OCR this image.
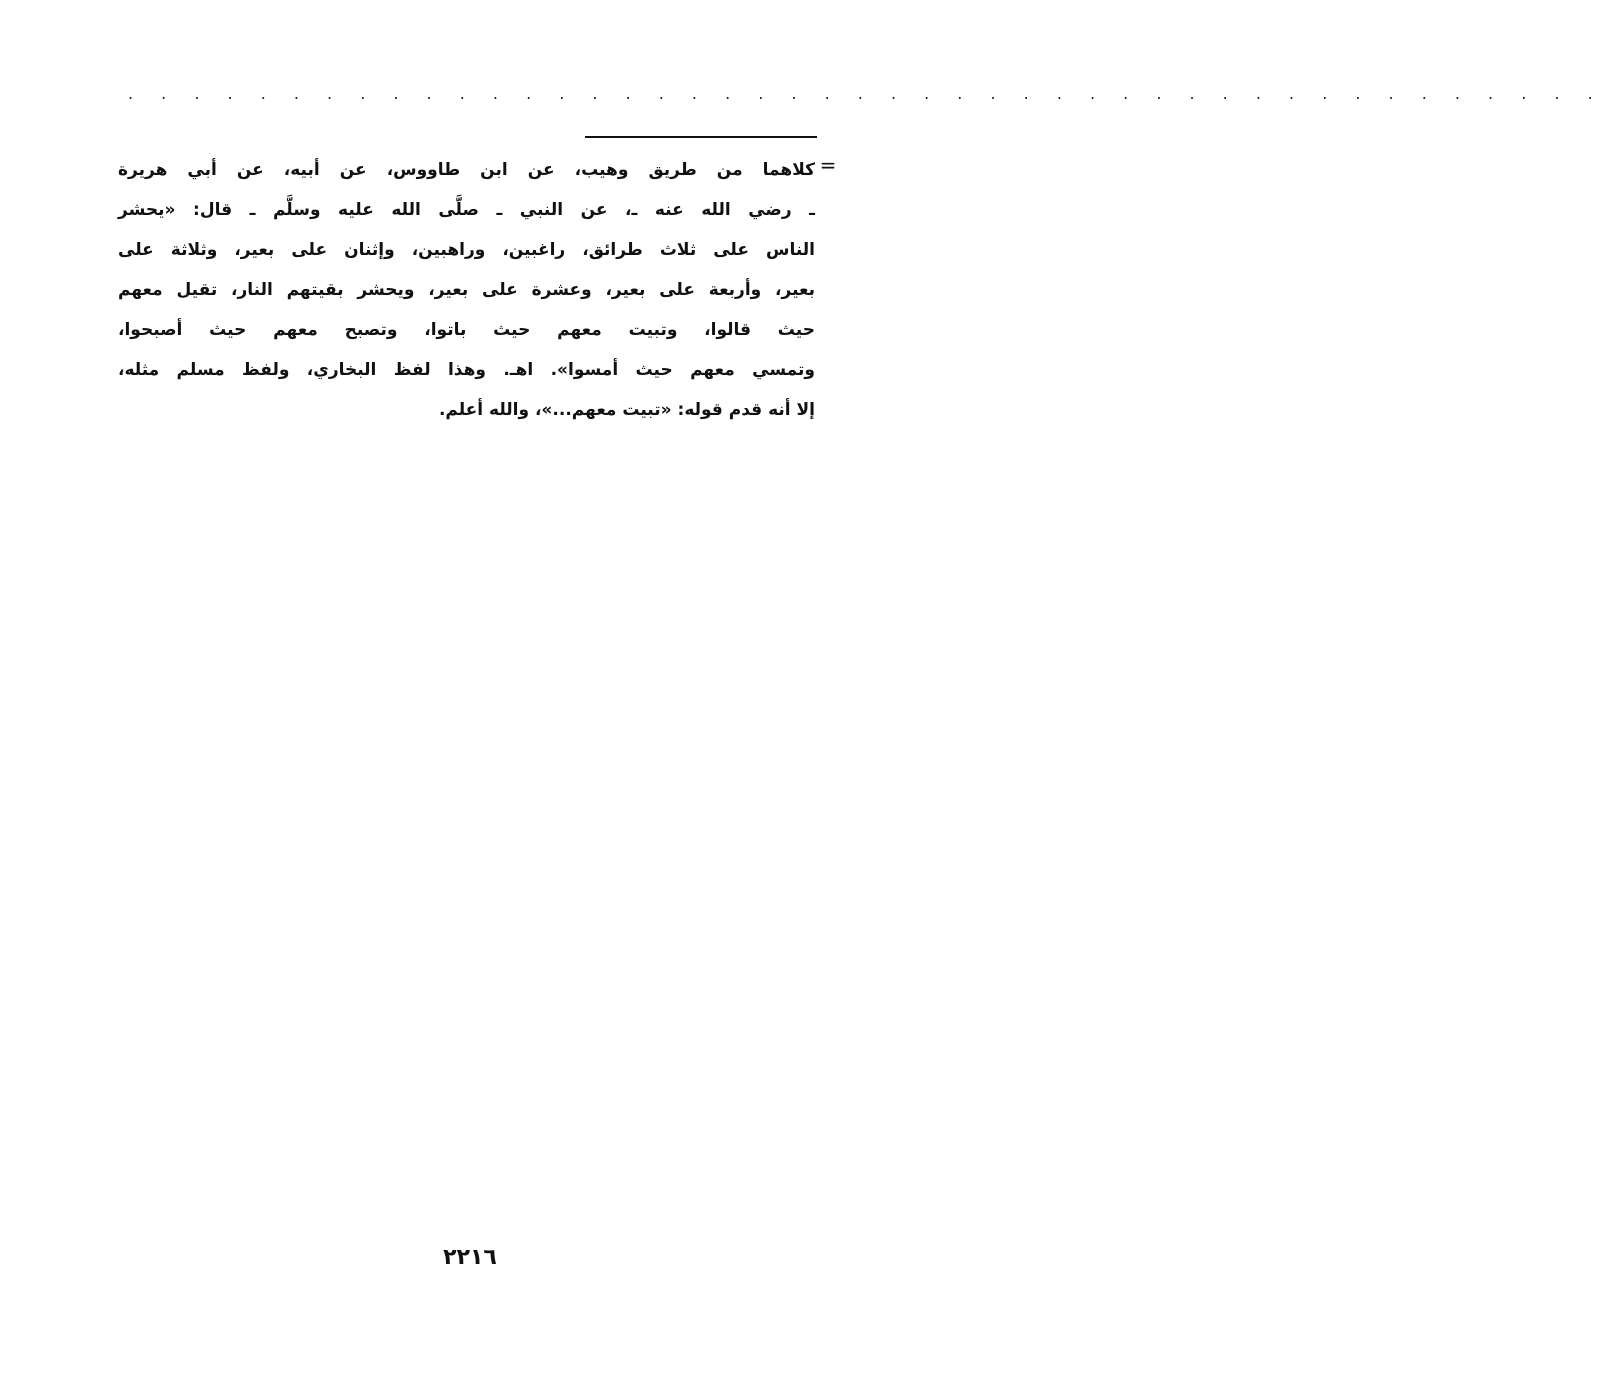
. . . . . . . . . . . . . . . . . . . . . . . . . . . . . . . . . . . . . . . . . . . . .
=
كلاهما من طريق وهيب، عن ابن طاووس، عن أبيه، عن أبي هريرة
ـ رضي الله عنه ـ، عن النبي ـ صلَّى الله عليه وسلَّم ـ قال: «يحشر
الناس على ثلاث طرائق، راغبين، وراهبين، وإثنان على بعير، وثلاثة على
بعير، وأربعة على بعير، وعشرة على بعير، ويحشر بقيتهم النار، تقيل معهم
حيث قالوا، وتبيت معهم حيث باتوا، وتصبح معهم حيث أصبحوا،
وتمسي معهم حيث أمسوا». اهـ. وهذا لفظ البخاري، ولفظ مسلم مثله،
إلا أنه قدم قوله: «تبيت معهم...»، والله أعلم.
٢٢١٦
